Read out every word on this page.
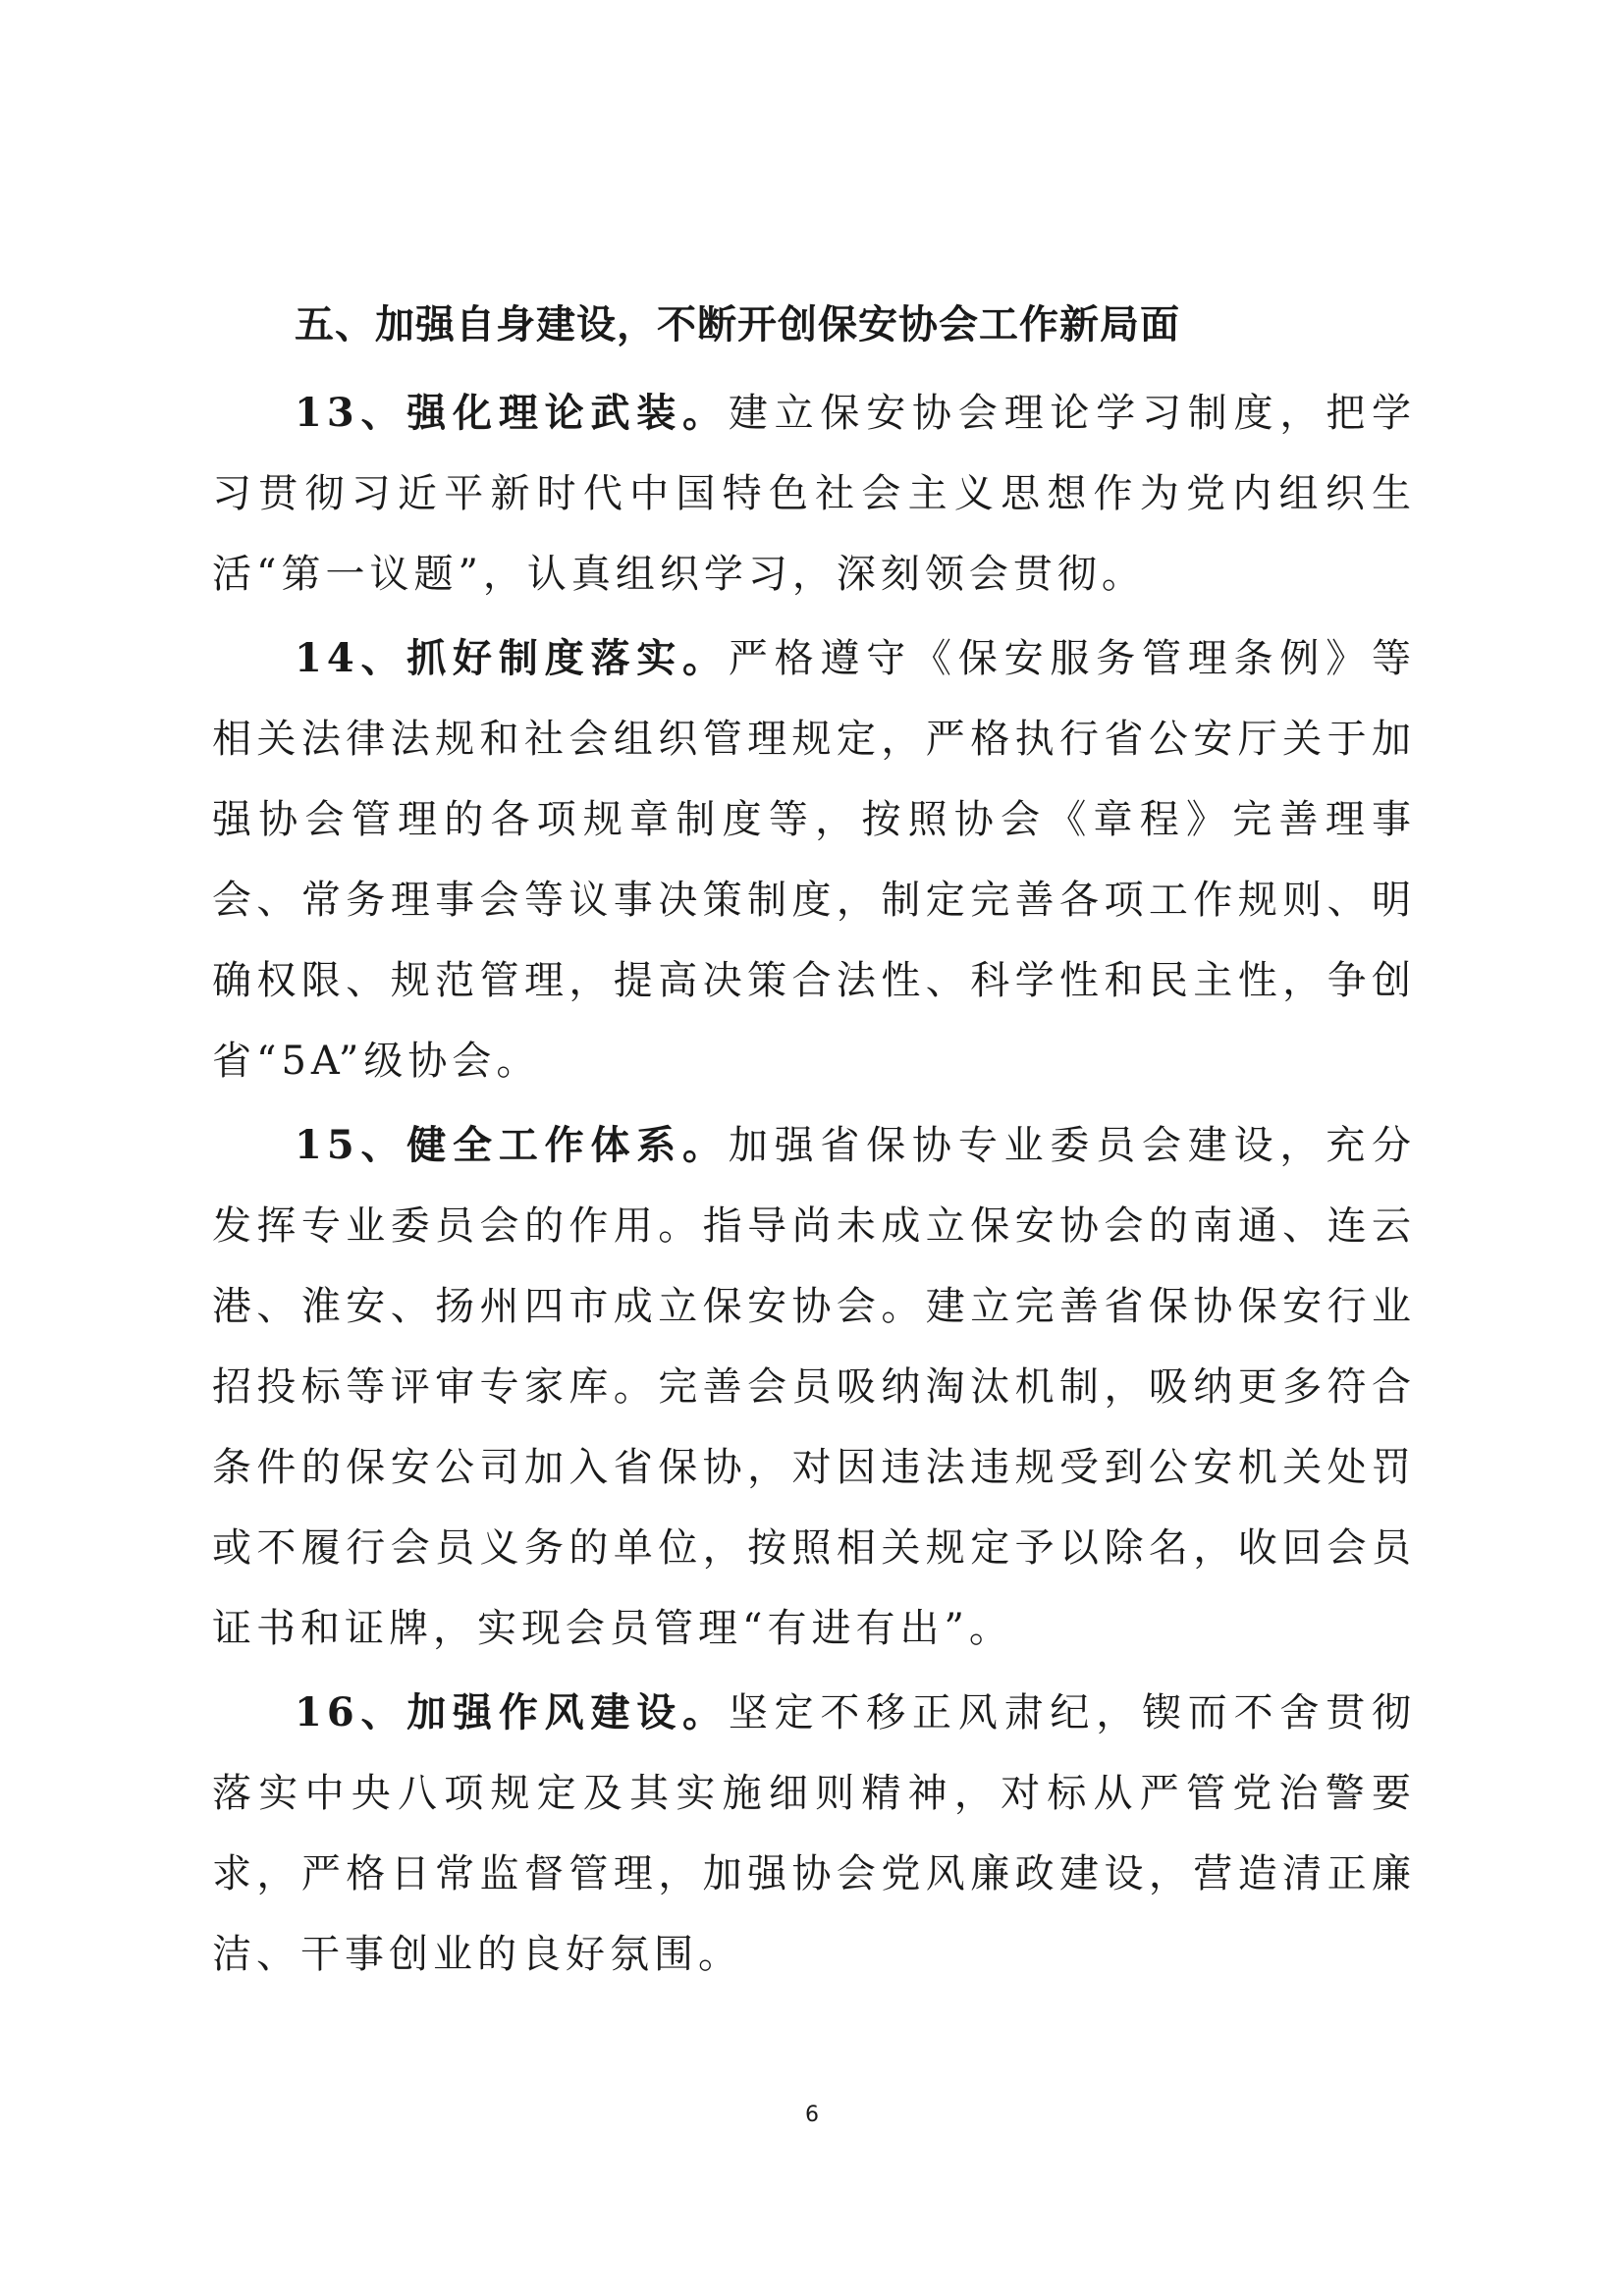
五、加强自身建设，不断开创保安协会工作新局面

13、强化理论武装。建立保安协会理论学习制度，把学习贯彻习近平新时代中国特色社会主义思想作为党内组织生活“第一议题”，认真组织学习，深刻领会贯彻。

14、抓好制度落实。严格遵守《保安服务管理条例》等相关法律法规和社会组织管理规定，严格执行省公安厅关于加强协会管理的各项规章制度等，按照协会《章程》完善理事会、常务理事会等议事决策制度，制定完善各项工作规则、明确权限、规范管理，提高决策合法性、科学性和民主性，争创省“5A”级协会。

15、健全工作体系。加强省保协专业委员会建设，充分发挥专业委员会的作用。指导尚未成立保安协会的南通、连云港、淮安、扬州四市成立保安协会。建立完善省保协保安行业招投标等评审专家库。完善会员吸纳淘汰机制，吸纳更多符合条件的保安公司加入省保协，对因违法违规受到公安机关处罚或不履行会员义务的单位，按照相关规定予以除名，收回会员证书和证牌，实现会员管理“有进有出”。

16、加强作风建设。坚定不移正风肃纪，锲而不舍贯彻落实中央八项规定及其实施细则精神，对标从严管党治警要求，严格日常监督管理，加强协会党风廉政建设，营造清正廉洁、干事创业的良好氛围。

6
